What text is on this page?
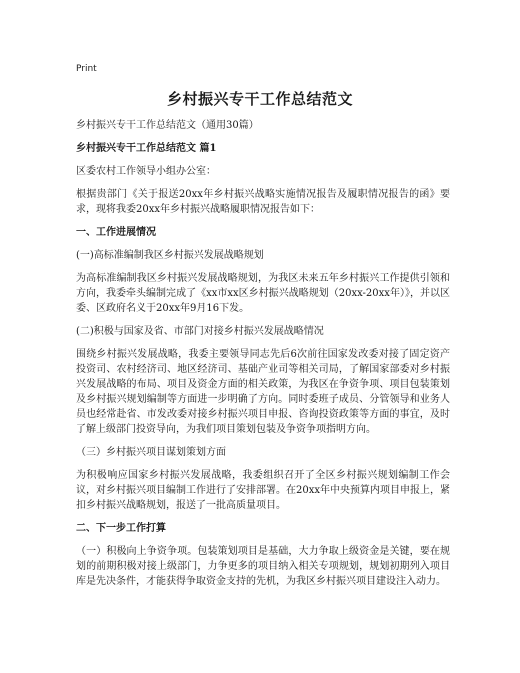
Print
乡村振兴专干工作总结范文

乡村振兴专干工作总结范文（通用30篇）

乡村振兴专干工作总结范文 篇1

区委农村工作领导小组办公室：

根据贵部门《关于报送20xx年乡村振兴战略实施情况报告及履职情况报告的函》要求，现将我委20xx年乡村振兴战略履职情况报告如下：

一、工作进展情况

(一)高标准编制我区乡村振兴发展战略规划

为高标准编制我区乡村振兴发展战略规划，为我区未来五年乡村振兴工作提供引领和方向，我委牵头编制完成了《xx市xx区乡村振兴战略规划（20xx-20xx年）》，并以区委、区政府名义于20xx年9月16下发。

(二)积极与国家及省、市部门对接乡村振兴发展战略情况

围绕乡村振兴发展战略，我委主要领导同志先后6次前往国家发改委对接了固定资产投资司、农村经济司、地区经济司、基础产业司等相关司局，了解国家部委对乡村振兴发展战略的布局、项目及资金方面的相关政策，为我区在争资争项、项目包装策划及乡村振兴规划编制等方面进一步明确了方向。同时委班子成员、分管领导和业务人员也经常赴省、市发改委对接乡村振兴项目申报、咨询投资政策等方面的事宜，及时了解上级部门投资导向，为我们项目策划包装及争资争项指明方向。

（三）乡村振兴项目谋划策划方面

为积极响应国家乡村振兴发展战略，我委组织召开了全区乡村振兴规划编制工作会议，对乡村振兴项目编制工作进行了安排部署。在20xx年中央预算内项目申报上，紧扣乡村振兴战略规划，报送了一批高质量项目。

二、下一步工作打算

（一）积极向上争资争项。包装策划项目是基础，大力争取上级资金是关键，要在规划的前期积极对接上级部门，力争更多的项目纳入相关专项规划，规划初期列入项目库是先决条件，才能获得争取资金支持的先机，为我区乡村振兴项目建设注入动力。
